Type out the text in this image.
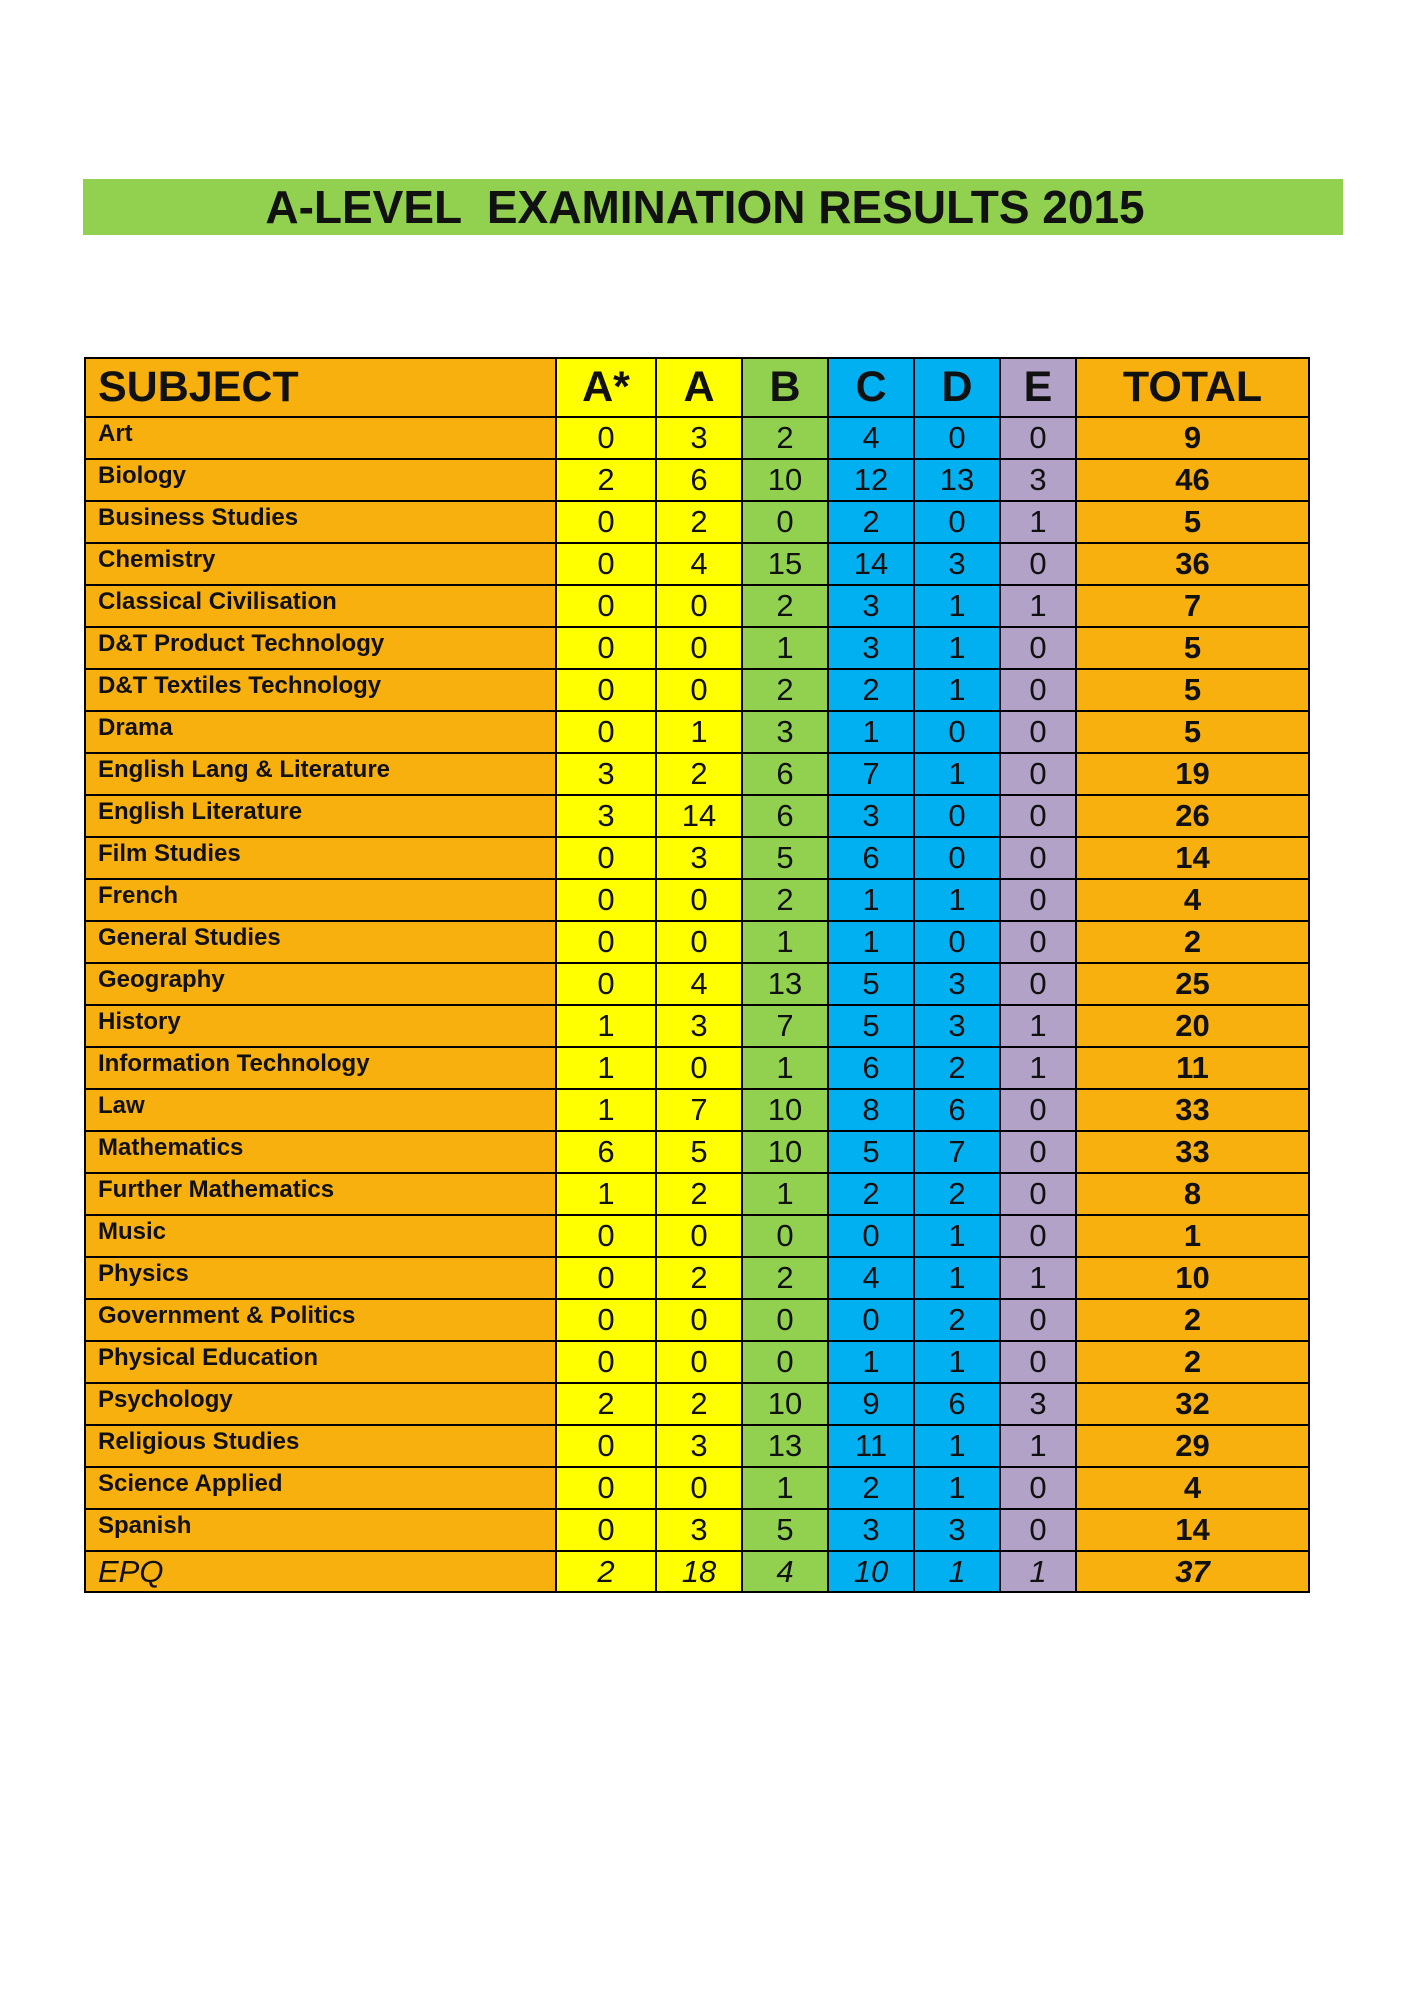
A-LEVEL  EXAMINATION RESULTS 2015
SUBJECT	A*	A	B	C	D	E	TOTAL
Art	0	3	2	4	0	0	9
Biology	2	6	10	12	13	3	46
Business Studies	0	2	0	2	0	1	5
Chemistry	0	4	15	14	3	0	36
Classical Civilisation	0	0	2	3	1	1	7
D&T Product Technology	0	0	1	3	1	0	5
D&T Textiles Technology	0	0	2	2	1	0	5
Drama	0	1	3	1	0	0	5
English Lang & Literature	3	2	6	7	1	0	19
English Literature	3	14	6	3	0	0	26
Film Studies	0	3	5	6	0	0	14
French	0	0	2	1	1	0	4
General Studies	0	0	1	1	0	0	2
Geography	0	4	13	5	3	0	25
History	1	3	7	5	3	1	20
Information Technology	1	0	1	6	2	1	11
Law	1	7	10	8	6	0	33
Mathematics	6	5	10	5	7	0	33
Further Mathematics	1	2	1	2	2	0	8
Music	0	0	0	0	1	0	1
Physics	0	2	2	4	1	1	10
Government & Politics	0	0	0	0	2	0	2
Physical Education	0	0	0	1	1	0	2
Psychology	2	2	10	9	6	3	32
Religious Studies	0	3	13	11	1	1	29
Science Applied	0	0	1	2	1	0	4
Spanish	0	3	5	3	3	0	14
EPQ	2	18	4	10	1	1	37
